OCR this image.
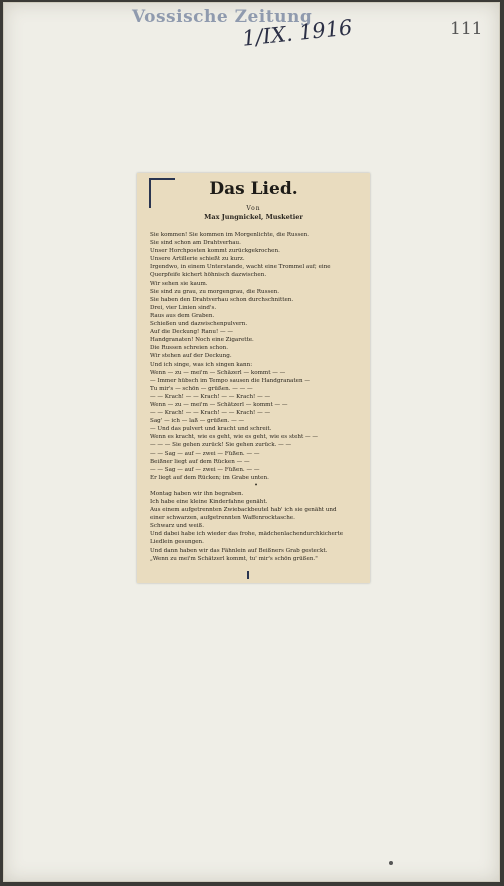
Vossische Zeitung
1/IX. 1916	111
Das Lied.
Von
Max Jungnickel, Musketier
Sie kommen! Sie kommen im Morgenlichte, die Russen.
Sie sind schon am Drahtverhau.
Unser Horchposten kommt zurückgekrochen.
Unsere Artillerie schießt zu kurz.
Irgendwo, in einem Unterstande, wacht eine Trommel auf; eine
Querpfeife kichert höhnisch dazwischen.
Wir sehen sie kaum.
Sie sind zu grau, zu morgengrau, die Russen.
Sie haben den Drahtverhau schon durchschnitten.
Drei, vier Linien sind's.
Raus aus dem Graben.
Schießen und dazwischenpulvern.
Auf die Deckung! Ranu! — —
Handgranaten! Noch eine Zigarette.
Die Russen schreien schon.
Wir stehen auf der Deckung.
Und ich singe, was ich singen kann:
Wenn — zu — mei'm — Schäzerl — kommt — —
— Immer hübsch im Tempo sausen die Handgranaten —
Tu mir's — schön — grüßen. — — —
— — Krach! — — Krach! — — Krach! — —
Wenn — zu — mei'm — Schätzerl — kommt — —
— — Krach! — — Krach! — — Krach! — —
Sag' — ich — laß — grüßen. — —
— Und das pulvert und kracht und schreit.
Wenn es kracht, wie es geht, wie es geht, wie es steht — —
— — — Sie gehen zurück! Sie gehen zurück. — —
— — Sag — auf — zwei — Füßen. — —
Beißner liegt auf dem Rücken — —
— — Sag — auf — zwei — Füßen. — —
Er liegt auf dem Rücken; im Grabe unten.
•
Montag haben wir ihn begraben.
Ich habe eine kleine Kinderfahne genäht.
Aus einem aufgetrennten Zwiebackbeutel hab' ich sie genäht und
einer schwarzen, aufgetrennten Waffenrocktasche.
Schwarz und weiß.
Und dabei habe ich wieder das frohe, mädchenlachendurchkicherte
Liedlein gesungen.
Und dann haben wir das Fähnlein auf Beißners Grab gesteckt.
„Wenn zu mei'm Schätzerl kommt, tu' mir's schön grüßen."
